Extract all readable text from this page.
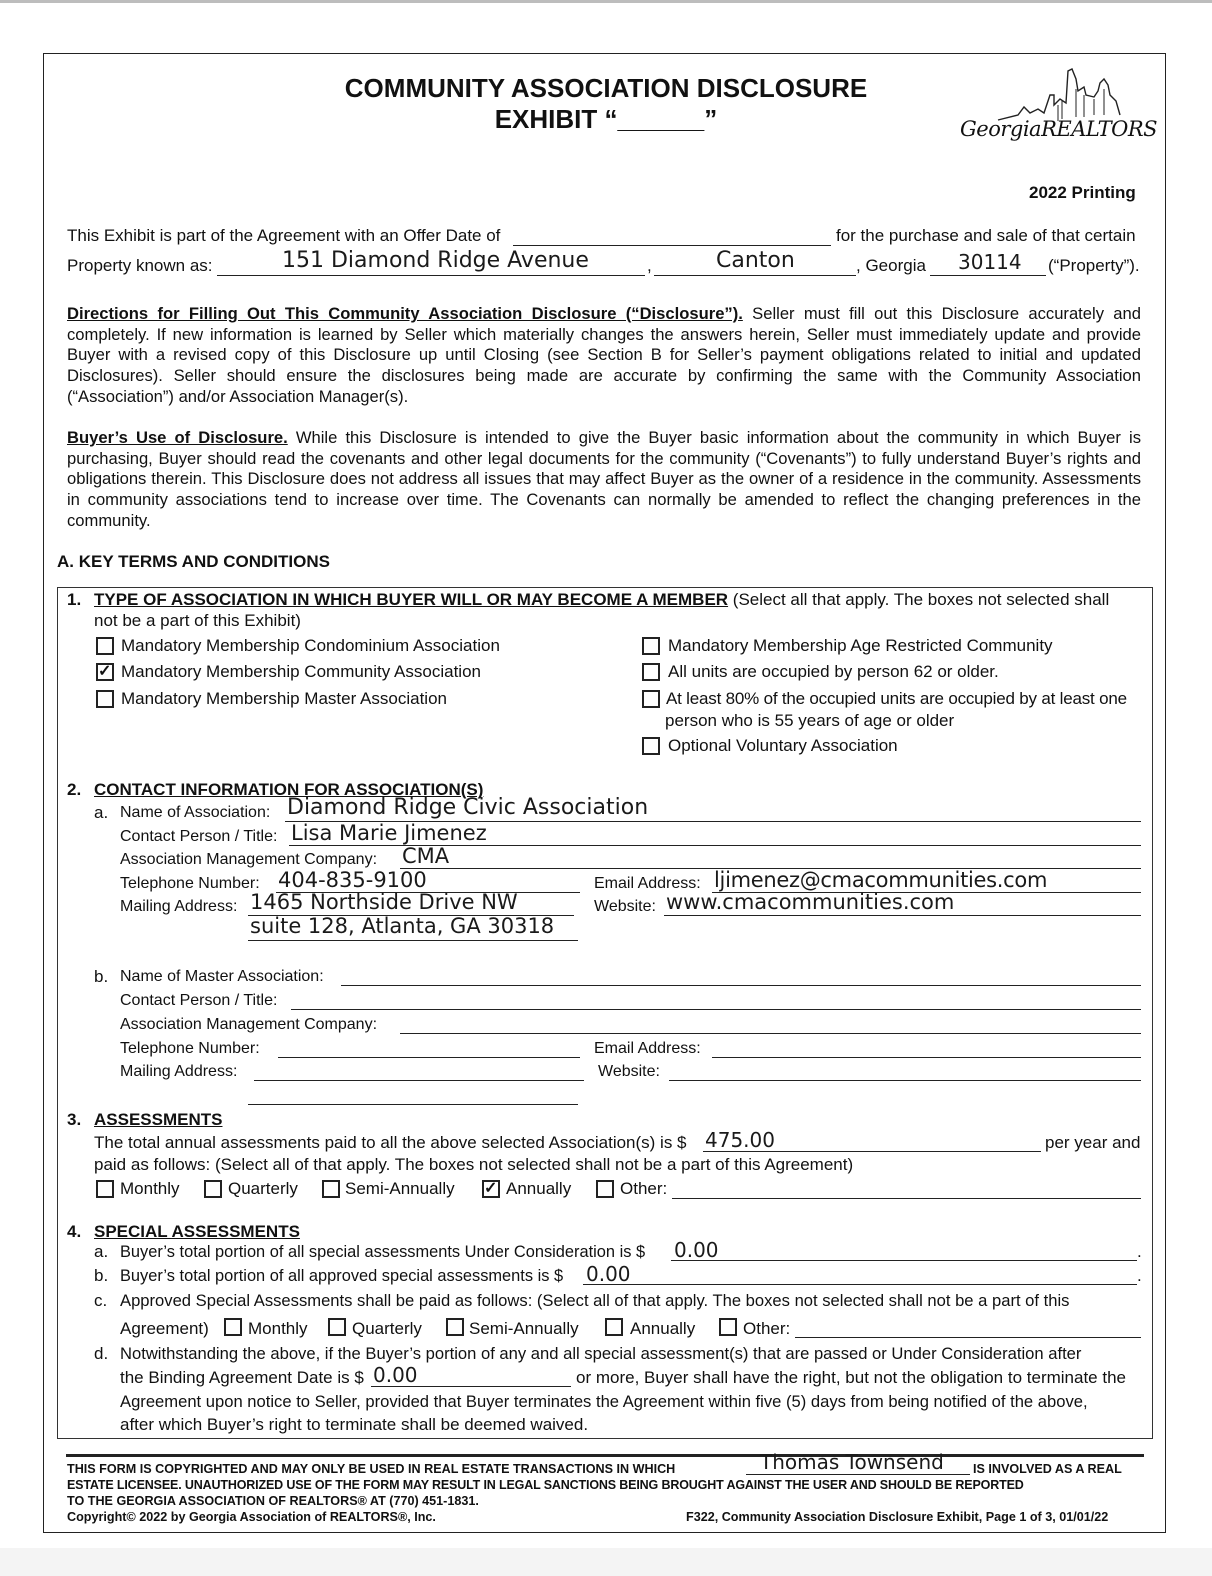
COMMUNITY ASSOCIATION DISCLOSURE
EXHIBIT “______”	GeorgiaREALTORS
2022 Printing
This Exhibit is part of the Agreement with an Offer Date of	for the purchase and sale of that certain
Property known as:	151 Diamond Ridge Avenue	,	Canton	, Georgia 30114 (“Property”).
Directions for Filling Out This Community Association Disclosure (“Disclosure”). Seller must fill out this Disclosure accurately and completely. If new information is learned by Seller which materially changes the answers herein, Seller must immediately update and provide Buyer with a revised copy of this Disclosure up until Closing (see Section B for Seller’s payment obligations related to initial and updated Disclosures). Seller should ensure the disclosures being made are accurate by confirming the same with the Community Association (“Association”) and/or Association Manager(s).
Buyer’s Use of Disclosure. While this Disclosure is intended to give the Buyer basic information about the community in which Buyer is purchasing, Buyer should read the covenants and other legal documents for the community (“Covenants”) to fully understand Buyer’s rights and obligations therein. This Disclosure does not address all issues that may affect Buyer as the owner of a residence in the community. Assessments in community associations tend to increase over time. The Covenants can normally be amended to reflect the changing preferences in the community.
A. KEY TERMS AND CONDITIONS
1. TYPE OF ASSOCIATION IN WHICH BUYER WILL OR MAY BECOME A MEMBER (Select all that apply. The boxes not selected shall
not be a part of this Exhibit)
Mandatory Membership Condominium Association
✓
Mandatory Membership Community Association
Mandatory Membership Master Association
Mandatory Membership Age Restricted Community
All units are occupied by person 62 or older.
At least 80% of the occupied units are occupied by at least one
person who is 55 years of age or older
Optional Voluntary Association
2. CONTACT INFORMATION FOR ASSOCIATION(S)
a. Name of Association: Diamond Ridge Civic Association
Contact Person / Title: Lisa Marie Jimenez
Association Management Company: CMA
Telephone Number: 404-835-9100	Email Address: ljimenez@cmacommunities.com
Mailing Address: 1465 Northside Drive NW
suite 128, Atlanta, GA 30318
Website: www.cmacommunities.com
b. Name of Master Association:
Contact Person / Title:
Association Management Company:
Telephone Number:	Email Address:
Mailing Address:	Website:
3. ASSESSMENTS
The total annual assessments paid to all the above selected Association(s) is $ 475.00	per year and
paid as follows: (Select all of that apply. The boxes not selected shall not be a part of this Agreement)
Monthly	Quarterly	Semi-Annually
✓	Annually	Other:
4. SPECIAL ASSESSMENTS
a. Buyer’s total portion of all special assessments Under Consideration is $ 0.00	.
b. Buyer’s total portion of all approved special assessments is $ 0.00	.
c. Approved Special Assessments shall be paid as follows: (Select all of that apply. The boxes not selected shall not be a part of this
Agreement) Monthly	Quarterly	Semi-Annually	Annually	Other:
d. Notwithstanding the above, if the Buyer’s portion of any and all special assessment(s) that are passed or Under Consideration after
the Binding Agreement Date is $ 0.00	or more, Buyer shall have the right, but not the obligation to terminate the
Agreement upon notice to Seller, provided that Buyer terminates the Agreement within five (5) days from being notified of the above,
after which Buyer’s right to terminate shall be deemed waived.
THIS FORM IS COPYRIGHTED AND MAY ONLY BE USED IN REAL ESTATE TRANSACTIONS IN WHICH	Thomas Townsend IS INVOLVED AS A REAL
ESTATE LICENSEE. UNAUTHORIZED USE OF THE FORM MAY RESULT IN LEGAL SANCTIONS BEING BROUGHT AGAINST THE USER AND SHOULD BE REPORTED
TO THE GEORGIA ASSOCIATION OF REALTORS® AT (770) 451-1831.
Copyright© 2022 by Georgia Association of REALTORS®, Inc.	F322, Community Association Disclosure Exhibit, Page 1 of 3, 01/01/22
